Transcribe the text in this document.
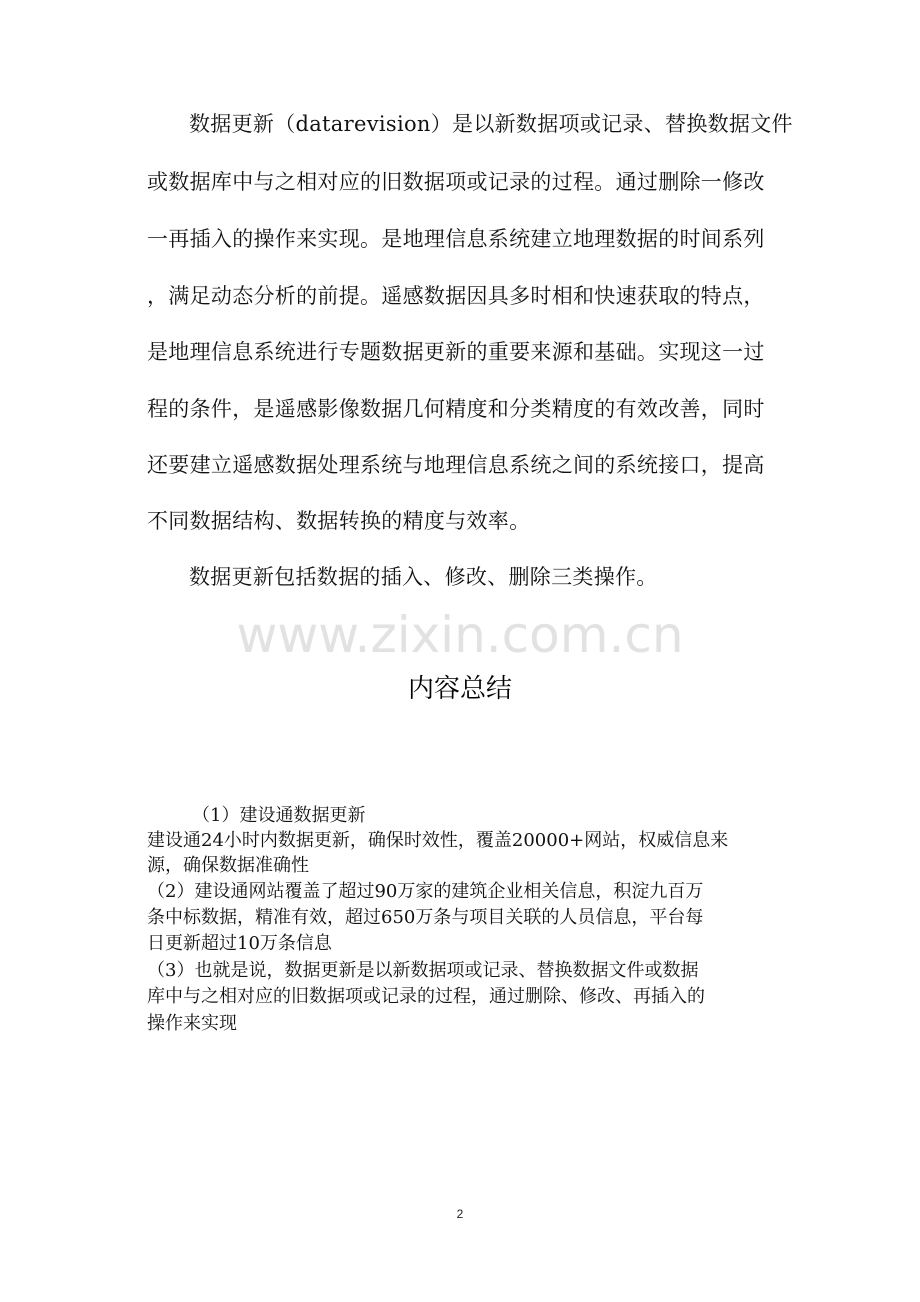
数据更新（datarevision）是以新数据项或记录、替换数据文件
或数据库中与之相对应的旧数据项或记录的过程。通过删除一修改
一再插入的操作来实现。是地理信息系统建立地理数据的时间系列
，满足动态分析的前提。遥感数据因具多时相和快速获取的特点，
是地理信息系统进行专题数据更新的重要来源和基础。实现这一过
程的条件，是遥感影像数据几何精度和分类精度的有效改善，同时
还要建立遥感数据处理系统与地理信息系统之间的系统接口，提高
不同数据结构、数据转换的精度与效率。
数据更新包括数据的插入、修改、删除三类操作。
www.zixin.com.cn
内容总结
（1）建设通数据更新
建设通24小时内数据更新，确保时效性，覆盖20000+网站，权威信息来
源，确保数据准确性
（2）建设通网站覆盖了超过90万家的建筑企业相关信息，积淀九百万
条中标数据，精准有效，超过650万条与项目关联的人员信息，平台每
日更新超过10万条信息
（3）也就是说，数据更新是以新数据项或记录、替换数据文件或数据
库中与之相对应的旧数据项或记录的过程，通过删除、修改、再插入的
操作来实现
2
